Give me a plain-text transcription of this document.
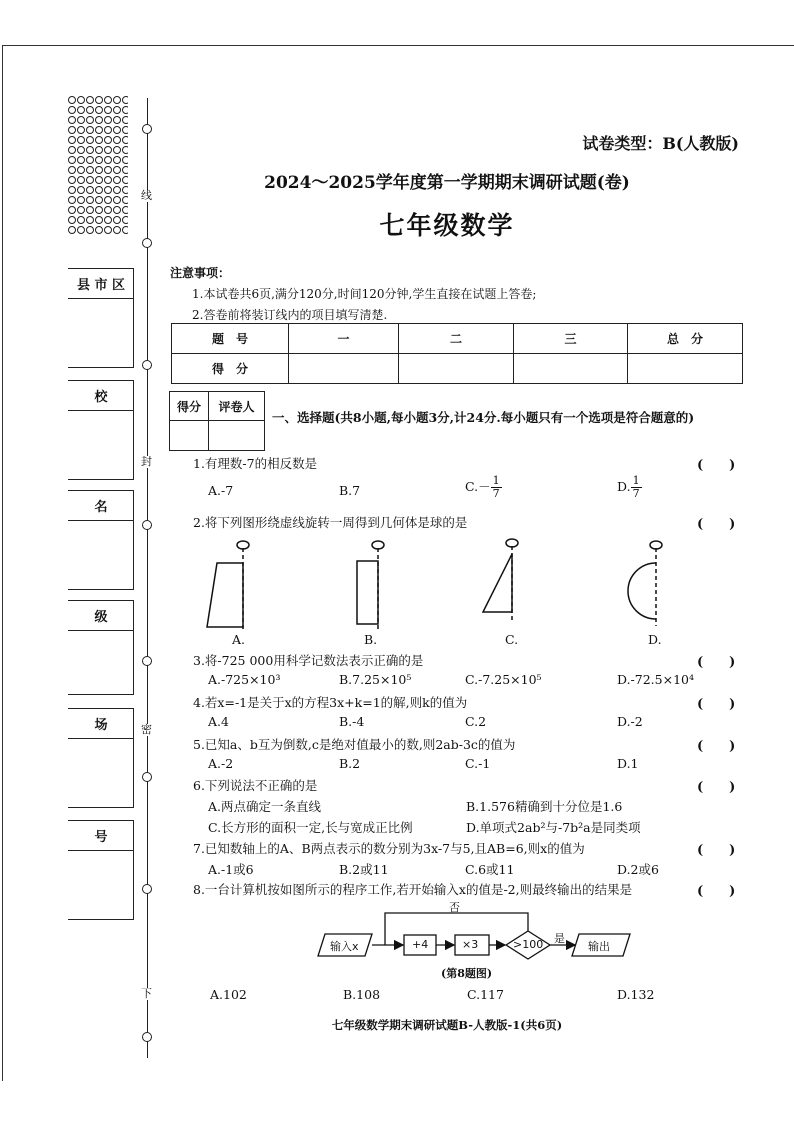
线
封
密
下
县 市 区
校
名
级
场
号
试卷类型：B(人教版)
2024～2025学年度第一学期期末调研试题(卷)
七年级数学
注意事项：
1.本试卷共6页,满分120分,时间120分钟,学生直接在试题上答卷;
2.答卷前将装订线内的项目填写清楚.
题　号	一	二	三	总　分
得　分				
得分	评卷人

一、选择题(共8小题,每小题3分,计24分.每小题只有一个选项是符合题意的)
1.有理数-7的相反数是	(　　)
A.-7	B.7	$C.- \frac{1}{7}$	D. $\frac{1}{7}$
2.将下列图形绕虚线旋转一周得到几何体是球的是	(　　)
A.	B.	C.	D.
3.将-725 000用科学记数法表示正确的是	(　　)
A.-725×10³	B.7.25×10⁵	C.-7.25×10⁵	D.-72.5×10⁴
4.若x=-1是关于x的方程3x+k=1的解,则k的值为	(　　)
A.4	B.-4	C.2	D.-2
5.已知a、b互为倒数,c是绝对值最小的数,则2ab-3c的值为	(　　)
A.-2	B.2	C.-1	D.1
6.下列说法不正确的是	(　　)
A.两点确定一条直线	B.1.576精确到十分位是1.6
C.长方形的面积一定,长与宽成正比例	D.单项式2ab²与-7b²a是同类项
7.已知数轴上的A、B两点表示的数分别为3x-7与5,且AB=6,则x的值为	(　　)
A.-1或6	B.2或11	C.6或11	D.2或6
8.一台计算机按如图所示的程序工作,若开始输入x的值是-2,则最终输出的结果是	(　　)
输入x	+4	×3	>100 是
否
输出
(第8题图)
A.102	B.108	C.117	D.132
七年级数学期末调研试题B-人教版-1(共6页)
